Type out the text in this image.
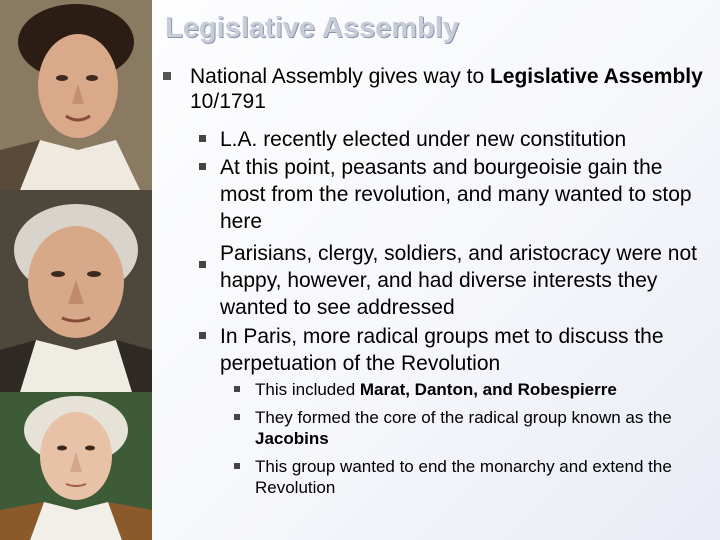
Legislative Assembly
National Assembly gives way to Legislative Assembly 10/1791
L.A. recently elected under new constitution
At this point, peasants and bourgeoisie gain the most from the revolution, and many wanted to stop here
Parisians, clergy, soldiers, and aristocracy were not happy, however, and had diverse interests they wanted to see addressed
In Paris, more radical groups met to discuss the perpetuation of the Revolution
This included Marat, Danton, and Robespierre
They formed the core of the radical group known as the Jacobins
This group wanted to end the monarchy and extend the Revolution
